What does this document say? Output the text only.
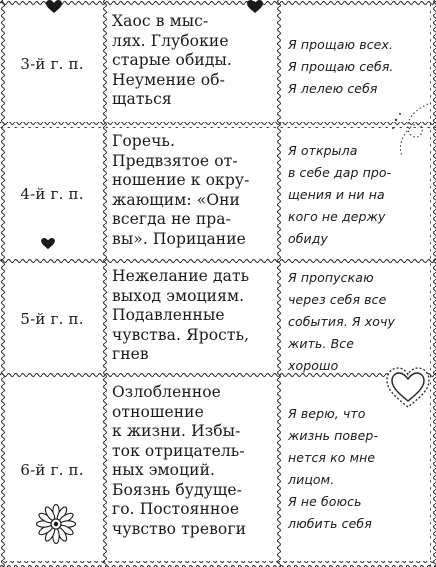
3-й г. п.
Хаос в мыс-
лях. Глубокие
старые обиды.
Неумение об-
щаться
Я прощаю всех.
Я прощаю себя.
Я лелею себя
4-й г. п.
Горечь.
Предвзятое от-
ношение к окру-
жающим: «Они
всегда не пра-
вы». Порицание
Я открыла
в себе дар про-
щения и ни на
кого не держу
обиду
5-й г. п.
Нежелание дать
выход эмоциям.
Подавленные
чувства. Ярость,
гнев
Я пропускаю
через себя все
события. Я хочу
жить. Все
хорошо
6-й г. п.
Озлобленное
отношение
к жизни. Избы-
ток отрицатель-
ных эмоций.
Боязнь будуще-
го. Постоянное
чувство тревоги
Я верю, что
жизнь повер-
нется ко мне
лицом.
Я не боюсь
любить себя
